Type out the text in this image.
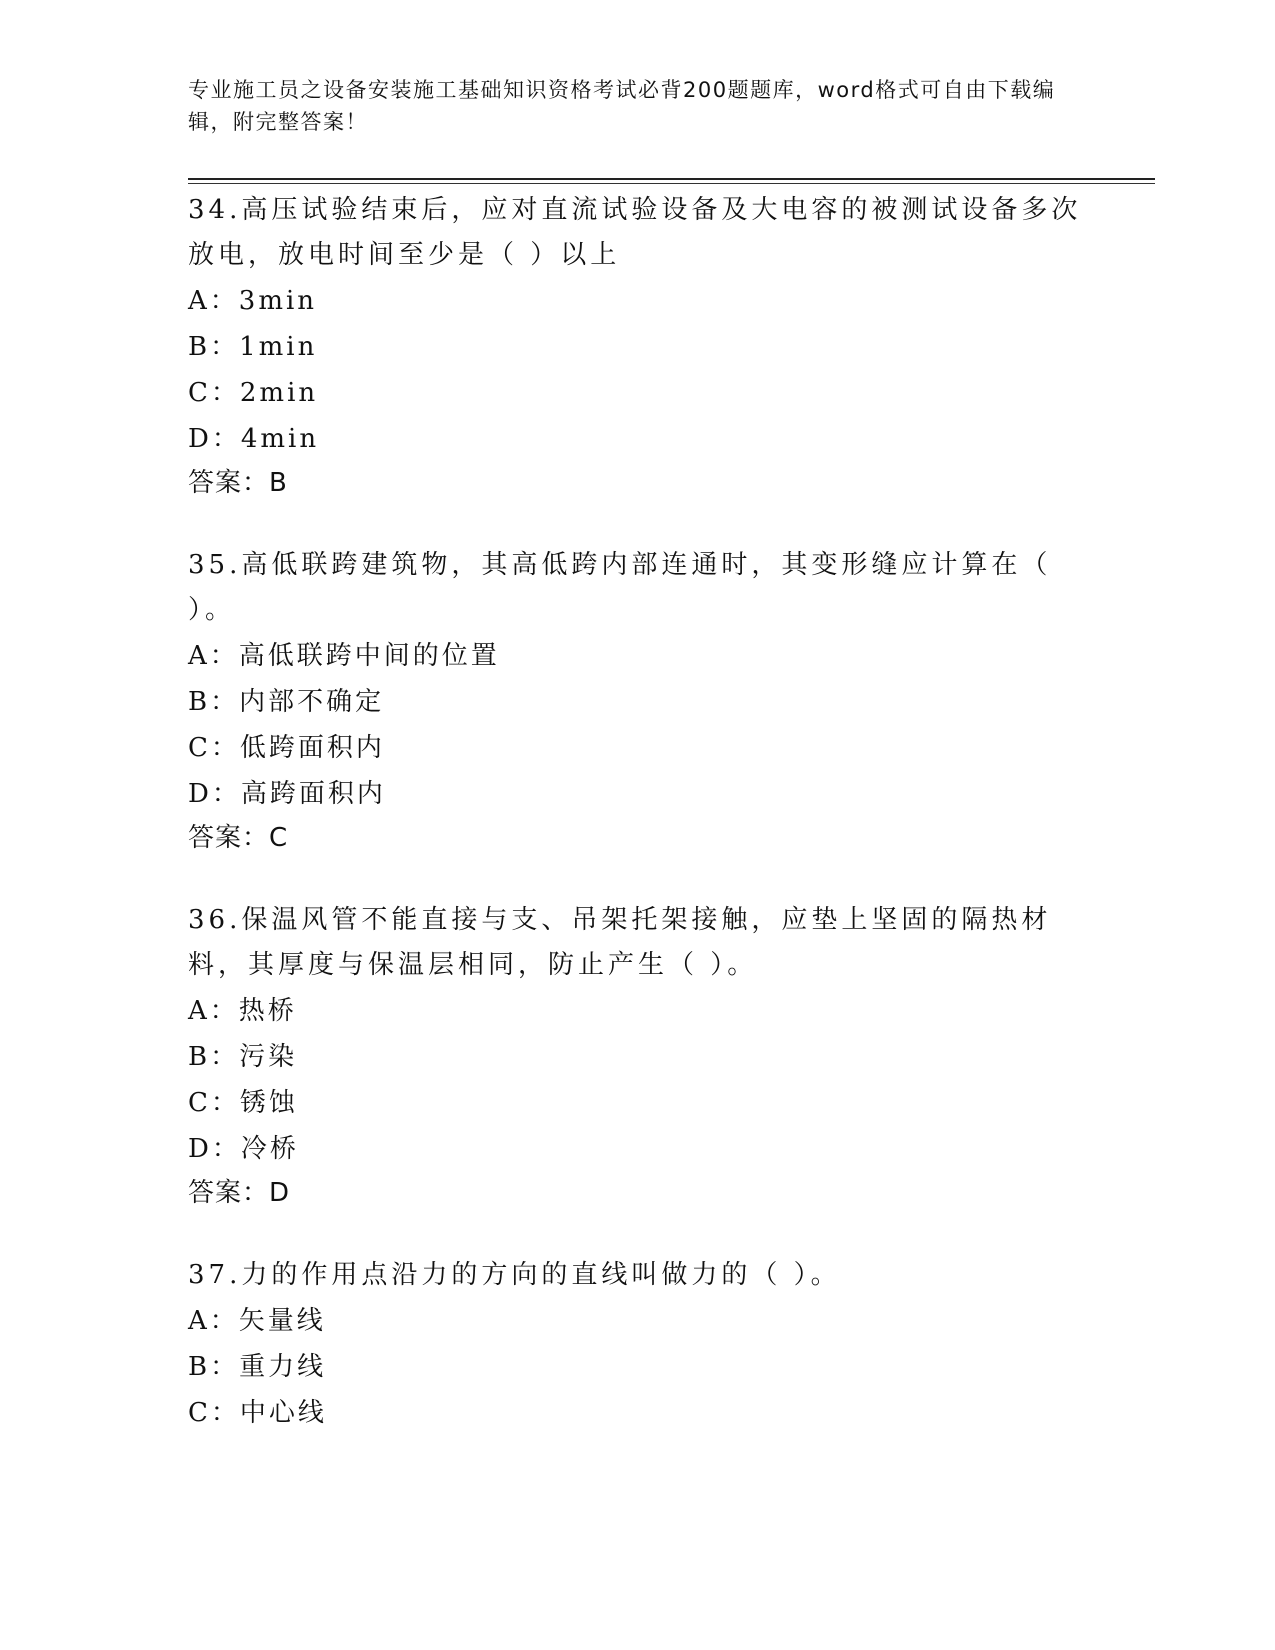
专业施工员之设备安装施工基础知识资格考试必背200题题库，word格式可自由下载编辑，附完整答案！

34.高压试验结束后，应对直流试验设备及大电容的被测试设备多次放电，放电时间至少是（ ）以上

A：3min

B：1min

C：2min

D：4min

答案：B

35.高低联跨建筑物，其高低跨内部连通时，其变形缝应计算在（ ）。

A：高低联跨中间的位置

B：内部不确定

C：低跨面积内

D：高跨面积内

答案：C

36.保温风管不能直接与支、吊架托架接触，应垫上坚固的隔热材料，其厚度与保温层相同，防止产生（ ）。

A：热桥

B：污染

C：锈蚀

D：冷桥

答案：D

37.力的作用点沿力的方向的直线叫做力的（ ）。

A：矢量线

B：重力线

C：中心线
